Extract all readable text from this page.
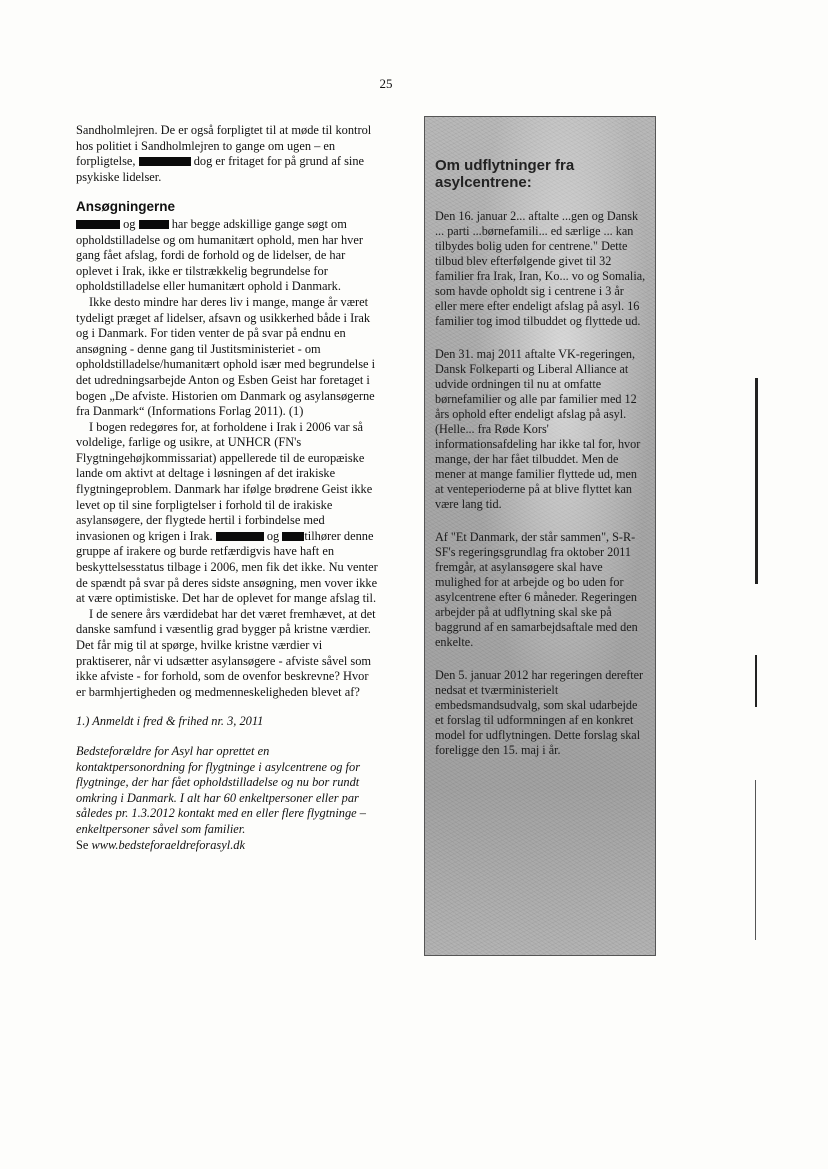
25

Sandholmlejren. De er også forpligtet til at møde til kontrol hos politiet i Sandholmlejren to gange om ugen – en forpligtelse,	dog er fritaget for på grund af sine psykiske lidelser.

Ansøgningerne

og	har begge adskillige gange søgt om opholdstilladelse og om humanitært ophold, men har hver gang fået afslag, fordi de forhold og de lidelser, de har oplevet i Irak, ikke er tilstrækkelig begrundelse for opholdstilladelse eller humanitært ophold i Danmark.

Ikke desto mindre har deres liv i mange, mange år været tydeligt præget af lidelser, afsavn og usikkerhed både i Irak og i Danmark. For tiden venter de på svar på endnu en ansøgning - denne gang til Justitsministeriet - om opholdstilladelse/humanitært ophold især med begrundelse i det udredningsarbejde Anton og Esben Geist har foretaget i bogen „De afviste. Historien om Danmark og asylansøgerne fra Danmark“ (Informations Forlag 2011). (1)

I bogen redegøres for, at forholdene i Irak i 2006 var så voldelige, farlige og usikre, at UNHCR (FN's Flygtningehøjkommissariat) appellerede til de europæiske lande om aktivt at deltage i løsningen af det irakiske flygtningeproblem. Danmark har ifølge brødrene Geist ikke levet op til sine forpligtelser i forhold til de irakiske asylansøgere, der flygtede hertil i forbindelse med invasionen og krigen i Irak.	og tilhører denne gruppe af irakere og burde retfærdigvis have haft en beskyttelsesstatus tilbage i 2006, men fik det ikke. Nu venter de spændt på svar på deres sidste ansøgning, men vover ikke at være optimistiske. Det har de oplevet for mange afslag til.

I de senere års værdidebat har det været fremhævet, at det danske samfund i væsentlig grad bygger på kristne værdier. Det får mig til at spørge, hvilke kristne værdier vi praktiserer, når vi udsætter asylansøgere - afviste såvel som ikke afviste - for forhold, som de ovenfor beskrevne? Hvor er barmhjertigheden og medmenneskeligheden blevet af?

1.) Anmeldt i fred & frihed nr. 3, 2011

Bedsteforældre for Asyl har oprettet en kontaktpersonordning for flygtninge i asylcentrene og for flygtninge, der har fået opholdstilladelse og nu bor rundt omkring i Danmark. I alt har 60 enkeltpersoner eller par således pr. 1.3.2012 kontakt med en eller flere flygtninge – enkeltpersoner såvel som familier.

Se www.bedsteforaeldreforasyl.dk

Om udflytninger fra asylcentrene:

Den 16. januar 2... aftalte ...gen og Dansk ... parti ...børnefamili... ed særlige ... kan tilbydes bolig uden for centrene." Dette tilbud blev efterfølgende givet til 32 familier fra Irak, Iran, Ko... vo og Somalia, som havde opholdt sig i centrene i 3 år eller mere efter endeligt afslag på asyl. 16 familier tog imod tilbuddet og flyttede ud.

Den 31. maj 2011 aftalte VK-regeringen, Dansk Folkeparti og Liberal Alliance at udvide ordningen til nu at omfatte børnefamilier og alle par familier med 12 års ophold efter endeligt afslag på asyl. (Helle... fra Røde Kors' informationsafdeling har ikke tal for, hvor mange, der har fået tilbuddet. Men de mener at mange familier flyttede ud, men at venteperioderne på at blive flyttet kan være lang tid.

Af "Et Danmark, der står sammen", S-R-SF's regeringsgrundlag fra oktober 2011 fremgår, at asylansøgere skal have mulighed for at arbejde og bo uden for asylcentrene efter 6 måneder. Regeringen arbejder på at udflytning skal ske på baggrund af en samarbejdsaftale med den enkelte.

Den 5. januar 2012 har regeringen derefter nedsat et tværministerielt embedsmandsudvalg, som skal udarbejde et forslag til udformningen af en konkret model for udflytningen. Dette forslag skal foreligge den 15. maj i år.
